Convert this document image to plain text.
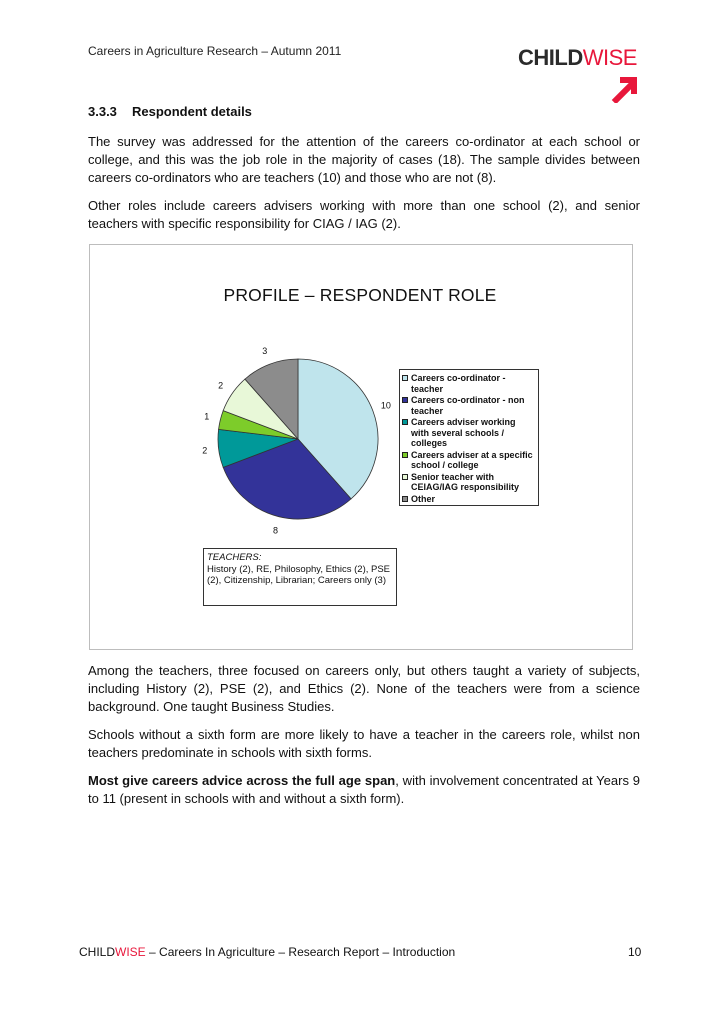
Careers in Agriculture Research – Autumn 2011	CHILDWISE
3.3.3 Respondent details

The survey was addressed for the attention of the careers co-ordinator at each school or college, and this was the job role in the majority of cases (18). The sample divides between careers co-ordinators who are teachers (10) and those who are not (8).

Other roles include careers advisers working with more than one school (2), and senior teachers with specific responsibility for CIAG / IAG (2).

PROFILE – RESPONDENT ROLE
10
8
2
1
2
3
Careers co-ordinator - teacher
Careers co-ordinator - non teacher
Careers adviser working with several schools / colleges
Careers adviser at a specific school / college
Senior teacher with CEIAG/IAG responsibility
Other
TEACHERS:
History (2), RE, Philosophy, Ethics (2), PSE (2), Citizenship, Librarian; Careers only (3)

Among the teachers, three focused on careers only, but others taught a variety of subjects, including History (2), PSE (2), and Ethics (2). None of the teachers were from a science background. One taught Business Studies.

Schools without a sixth form are more likely to have a teacher in the careers role, whilst non teachers predominate in schools with sixth forms.

Most give careers advice across the full age span, with involvement concentrated at Years 9 to 11 (present in schools with and without a sixth form).

CHILDWISE – Careers In Agriculture – Research Report – Introduction	10
